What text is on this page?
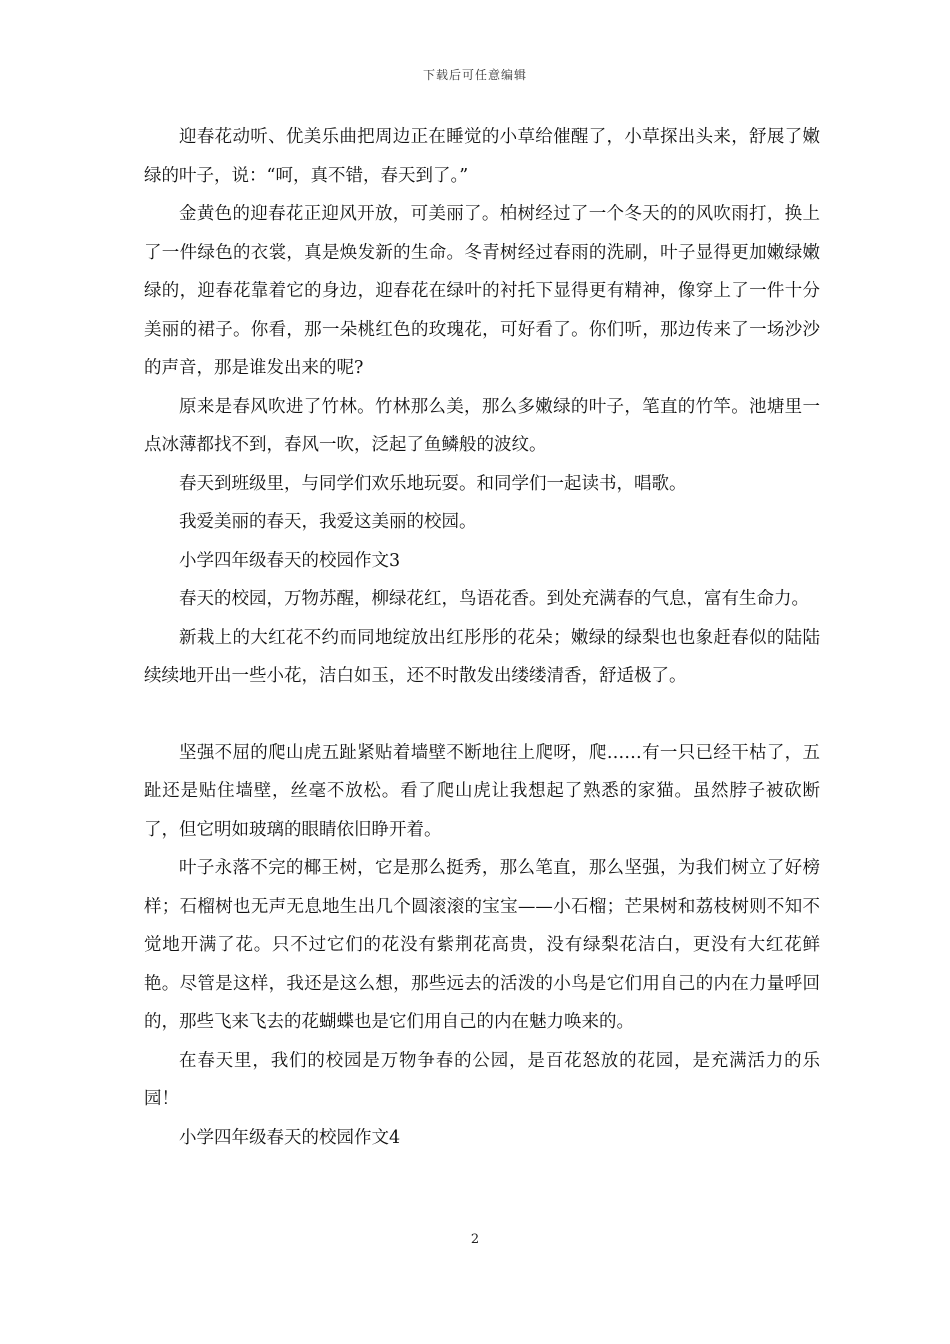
下载后可任意编辑

迎春花动听、优美乐曲把周边正在睡觉的小草给催醒了，小草探出头来，舒展了嫩绿的叶子，说：“呵，真不错，春天到了。”

金黄色的迎春花正迎风开放，可美丽了。柏树经过了一个冬天的的风吹雨打，换上了一件绿色的衣裳，真是焕发新的生命。冬青树经过春雨的洗刷，叶子显得更加嫩绿嫩绿的，迎春花靠着它的身边，迎春花在绿叶的衬托下显得更有精神，像穿上了一件十分美丽的裙子。你看，那一朵桃红色的玫瑰花，可好看了。你们听，那边传来了一场沙沙的声音，那是谁发出来的呢?

原来是春风吹进了竹林。竹林那么美，那么多嫩绿的叶子，笔直的竹竿。池塘里一点冰薄都找不到，春风一吹，泛起了鱼鳞般的波纹。

春天到班级里，与同学们欢乐地玩耍。和同学们一起读书，唱歌。

我爱美丽的春天，我爱这美丽的校园。

小学四年级春天的校园作文3

春天的校园，万物苏醒，柳绿花红，鸟语花香。到处充满春的气息，富有生命力。

新栽上的大红花不约而同地绽放出红彤彤的花朵；嫩绿的绿梨也也象赶春似的陆陆续续地开出一些小花，洁白如玉，还不时散发出缕缕清香，舒适极了。

坚强不屈的爬山虎五趾紧贴着墙壁不断地往上爬呀，爬……有一只已经干枯了，五趾还是贴住墙壁，丝毫不放松。看了爬山虎让我想起了熟悉的家猫。虽然脖子被砍断了，但它明如玻璃的眼睛依旧睁开着。

叶子永落不完的椰王树，它是那么挺秀，那么笔直，那么坚强，为我们树立了好榜样；石榴树也无声无息地生出几个圆滚滚的宝宝——小石榴；芒果树和荔枝树则不知不觉地开满了花。只不过它们的花没有紫荆花高贵，没有绿梨花洁白，更没有大红花鲜艳。尽管是这样，我还是这么想，那些远去的活泼的小鸟是它们用自己的内在力量呼回的，那些飞来飞去的花蝴蝶也是它们用自己的内在魅力唤来的。

在春天里，我们的校园是万物争春的公园，是百花怒放的花园，是充满活力的乐园！

小学四年级春天的校园作文4

2
